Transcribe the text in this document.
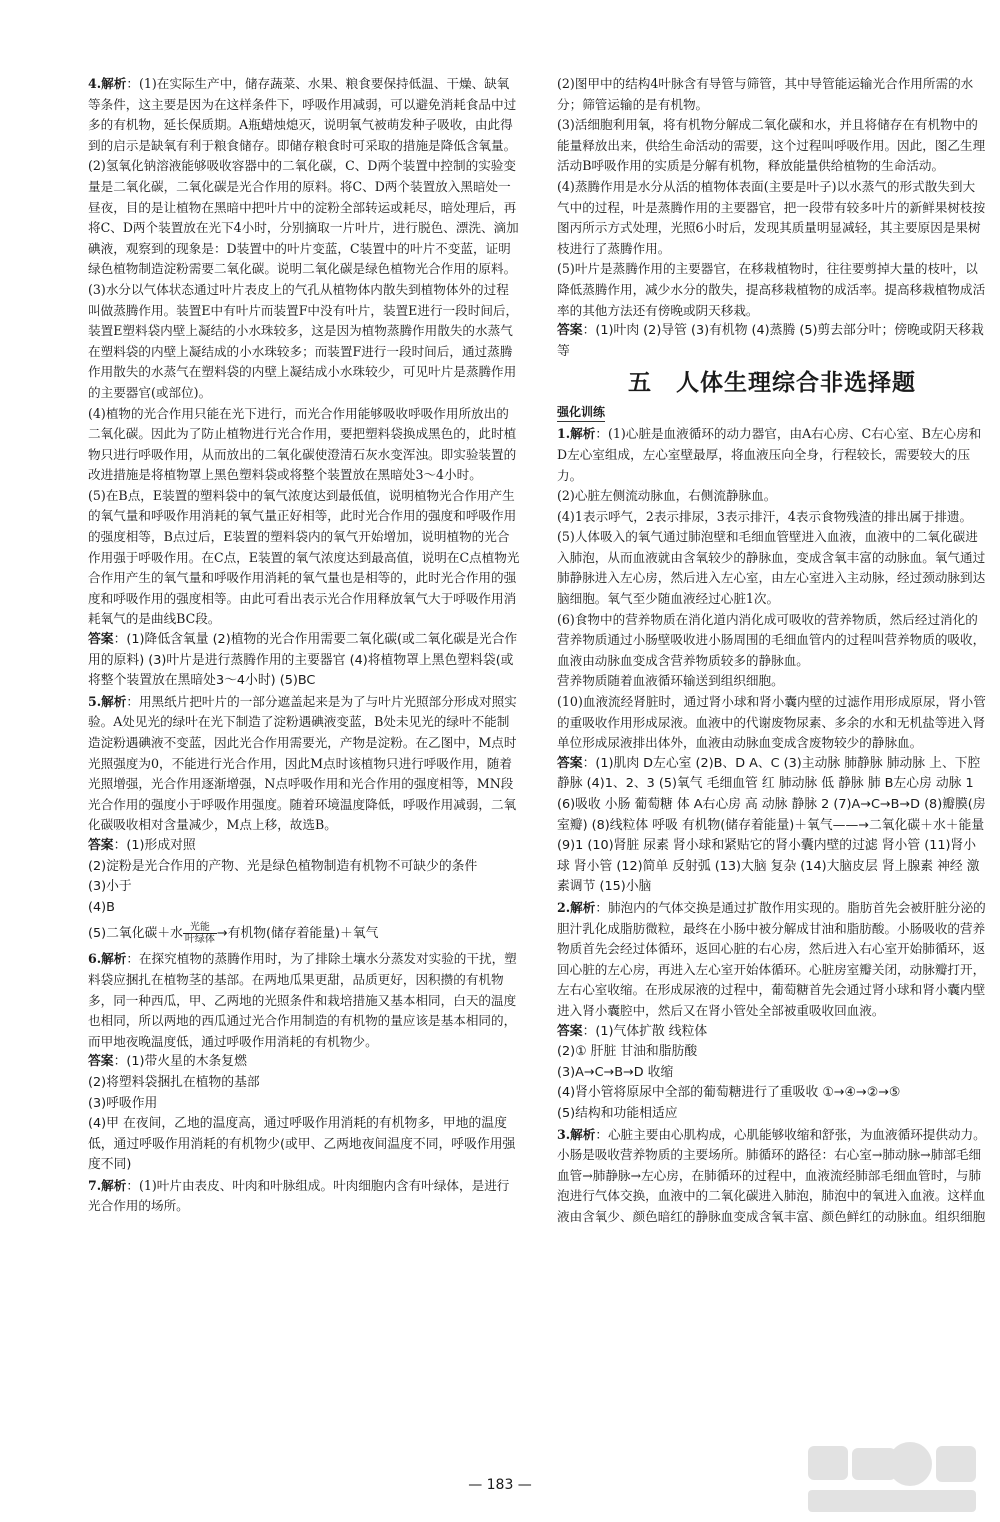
4.解析：(1)在实际生产中，储存蔬菜、水果、粮食要保持低温、干燥、缺氧等条件，这主要是因为在这样条件下，呼吸作用减弱，可以避免消耗食品中过多的有机物，延长保质期。A瓶蜡烛熄灭，说明氧气被萌发种子吸收，由此得到的启示是缺氧有利于粮食储存。即储存粮食时可采取的措施是降低含氧量。

(2)氢氧化钠溶液能够吸收容器中的二氧化碳，C、D两个装置中控制的实验变量是二氧化碳，二氧化碳是光合作用的原料。将C、D两个装置放入黑暗处一昼夜，目的是让植物在黑暗中把叶片中的淀粉全部转运或耗尽，暗处理后，再将C、D两个装置放在光下4小时，分别摘取一片叶片，进行脱色、漂洗、滴加碘液，观察到的现象是：D装置中的叶片变蓝，C装置中的叶片不变蓝，证明绿色植物制造淀粉需要二氧化碳。说明二氧化碳是绿色植物光合作用的原料。

(3)水分以气体状态通过叶片表皮上的气孔从植物体内散失到植物体外的过程叫做蒸腾作用。装置E中有叶片而装置F中没有叶片，装置E进行一段时间后，装置E塑料袋内壁上凝结的小水珠较多，这是因为植物蒸腾作用散失的水蒸气在塑料袋的内壁上凝结成的小水珠较多；而装置F进行一段时间后，通过蒸腾作用散失的水蒸气在塑料袋的内壁上凝结成小水珠较少，可见叶片是蒸腾作用的主要器官(或部位)。

(4)植物的光合作用只能在光下进行，而光合作用能够吸收呼吸作用所放出的二氧化碳。因此为了防止植物进行光合作用，要把塑料袋换成黑色的，此时植物只进行呼吸作用，从而放出的二氧化碳使澄清石灰水变浑浊。即实验装置的改进措施是将植物罩上黑色塑料袋或将整个装置放在黑暗处3～4小时。

(5)在B点，E装置的塑料袋中的氧气浓度达到最低值，说明植物光合作用产生的氧气量和呼吸作用消耗的氧气量正好相等，此时光合作用的强度和呼吸作用的强度相等，B点过后，E装置的塑料袋内的氧气开始增加，说明植物的光合作用强于呼吸作用。在C点，E装置的氧气浓度达到最高值，说明在C点植物光合作用产生的氧气量和呼吸作用消耗的氧气量也是相等的，此时光合作用的强度和呼吸作用的强度相等。由此可看出表示光合作用释放氧气大于呼吸作用消耗氧气的是曲线BC段。

答案：(1)降低含氧量 (2)植物的光合作用需要二氧化碳(或二氧化碳是光合作用的原料) (3)叶片是进行蒸腾作用的主要器官 (4)将植物罩上黑色塑料袋(或将整个装置放在黑暗处3～4小时) (5)BC

5.解析：用黑纸片把叶片的一部分遮盖起来是为了与叶片光照部分形成对照实验。A处见光的绿叶在光下制造了淀粉遇碘液变蓝，B处未见光的绿叶不能制造淀粉遇碘液不变蓝，因此光合作用需要光，产物是淀粉。在乙图中，M点时光照强度为0，不能进行光合作用，因此M点时该植物只进行呼吸作用，随着光照增强，光合作用逐渐增强，N点呼吸作用和光合作用的强度相等，MN段光合作用的强度小于呼吸作用强度。随着环境温度降低，呼吸作用减弱，二氧化碳吸收相对含量减少，M点上移，故选B。

答案：(1)形成对照

(2)淀粉是光合作用的产物、光是绿色植物制造有机物不可缺少的条件

(3)小于

(4)B

(5)二氧化碳＋水 $\frac{\text{光能}}{\text{叶绿体}}$ →有机物(储存着能量)＋氧气

6.解析：在探究植物的蒸腾作用时，为了排除土壤水分蒸发对实验的干扰，塑料袋应捆扎在植物茎的基部。在两地瓜果更甜，品质更好，因积攒的有机物多，同一种西瓜，甲、乙两地的光照条件和栽培措施又基本相同，白天的温度也相同，所以两地的西瓜通过光合作用制造的有机物的量应该是基本相同的，而甲地夜晚温度低，通过呼吸作用消耗的有机物少。

答案：(1)带火星的木条复燃

(2)将塑料袋捆扎在植物的基部

(3)呼吸作用

(4)甲 在夜间，乙地的温度高，通过呼吸作用消耗的有机物多，甲地的温度低，通过呼吸作用消耗的有机物少(或甲、乙两地夜间温度不同，呼吸作用强度不同)

7.解析：(1)叶片由表皮、叶肉和叶脉组成。叶肉细胞内含有叶绿体，是进行光合作用的场所。

(2)图甲中的结构4叶脉含有导管与筛管，其中导管能运输光合作用所需的水分；筛管运输的是有机物。

(3)活细胞利用氧，将有机物分解成二氧化碳和水，并且将储存在有机物中的能量释放出来，供给生命活动的需要，这个过程叫呼吸作用。因此，图乙生理活动B呼吸作用的实质是分解有机物，释放能量供给植物的生命活动。

(4)蒸腾作用是水分从活的植物体表面(主要是叶子)以水蒸气的形式散失到大气中的过程，叶是蒸腾作用的主要器官，把一段带有较多叶片的新鲜果树枝按图丙所示方式处理，光照6小时后，发现其质量明显减轻，其主要原因是果树枝进行了蒸腾作用。

(5)叶片是蒸腾作用的主要器官，在移栽植物时，往往要剪掉大量的枝叶，以降低蒸腾作用，减少水分的散失，提高移栽植物的成活率。提高移栽植物成活率的其他方法还有傍晚或阴天移栽。

答案：(1)叶肉 (2)导管 (3)有机物 (4)蒸腾 (5)剪去部分叶；傍晚或阴天移栽等

五　人体生理综合非选择题
强化训练

1.解析：(1)心脏是血液循环的动力器官，由A右心房、C右心室、B左心房和D左心室组成，左心室壁最厚，将血液压向全身，行程较长，需要较大的压力。

(2)心脏左侧流动脉血，右侧流静脉血。

(4)1表示呼气，2表示排尿，3表示排汗，4表示食物残渣的排出属于排遗。

(5)人体吸入的氧气通过肺泡壁和毛细血管壁进入血液，血液中的二氧化碳进入肺泡，从而血液就由含氧较少的静脉血，变成含氧丰富的动脉血。氧气通过肺静脉进入左心房，然后进入左心室，由左心室进入主动脉，经过颈动脉到达脑细胞。氧气至少随血液经过心脏1次。

(6)食物中的营养物质在消化道内消化成可吸收的营养物质，然后经过消化的营养物质通过小肠壁吸收进小肠周围的毛细血管内的过程叫营养物质的吸收，血液由动脉血变成含营养物质较多的静脉血。

营养物质随着血液循环输送到组织细胞。

(10)血液流经肾脏时，通过肾小球和肾小囊内壁的过滤作用形成原尿，肾小管的重吸收作用形成尿液。血液中的代谢废物尿素、多余的水和无机盐等进入肾单位形成尿液排出体外，血液由动脉血变成含废物较少的静脉血。

答案：(1)肌肉 D左心室 (2)B、D A、C (3)主动脉 肺静脉 肺动脉 上、下腔静脉 (4)1、2、3 (5)氧气 毛细血管 红 肺动脉 低 静脉 肺 B左心房 动脉 1 (6)吸收 小肠 葡萄糖 体 A右心房 高 动脉 静脉 2 (7)A→C→B→D (8)瓣膜(房室瓣) (8)线粒体 呼吸 有机物(储存着能量)＋氧气——→二氧化碳＋水＋能量 (9)1 (10)肾脏 尿素 肾小球和紧贴它的肾小囊内壁的过滤 肾小管 (11)肾小球 肾小管 (12)简单 反射弧 (13)大脑 复杂 (14)大脑皮层 肾上腺素 神经 激素调节 (15)小脑

2.解析：肺泡内的气体交换是通过扩散作用实现的。脂肪首先会被肝脏分泌的胆汁乳化成脂肪微粒，最终在小肠中被分解成甘油和脂肪酸。小肠吸收的营养物质首先会经过体循环，返回心脏的右心房，然后进入右心室开始肺循环，返回心脏的左心房，再进入左心室开始体循环。心脏房室瓣关闭，动脉瓣打开，左右心室收缩。在形成尿液的过程中，葡萄糖首先会通过肾小球和肾小囊内壁进入肾小囊腔中，然后又在肾小管处全部被重吸收回血液。

答案：(1)气体扩散 线粒体

(2)① 肝脏 甘油和脂肪酸

(3)A→C→B→D 收缩

(4)肾小管将原尿中全部的葡萄糖进行了重吸收 ①→④→②→⑤

(5)结构和功能相适应

3.解析：心脏主要由心肌构成，心肌能够收缩和舒张，为血液循环提供动力。小肠是吸收营养物质的主要场所。肺循环的路径：右心室→肺动脉→肺部毛细血管→肺静脉→左心房，在肺循环的过程中，血液流经肺部毛细血管时，与肺泡进行气体交换，血液中的二氧化碳进入肺泡，肺泡中的氧进入血液。这样血液由含氧少、颜色暗红的静脉血变成含氧丰富、颜色鲜红的动脉血。组织细胞

— 183 —
